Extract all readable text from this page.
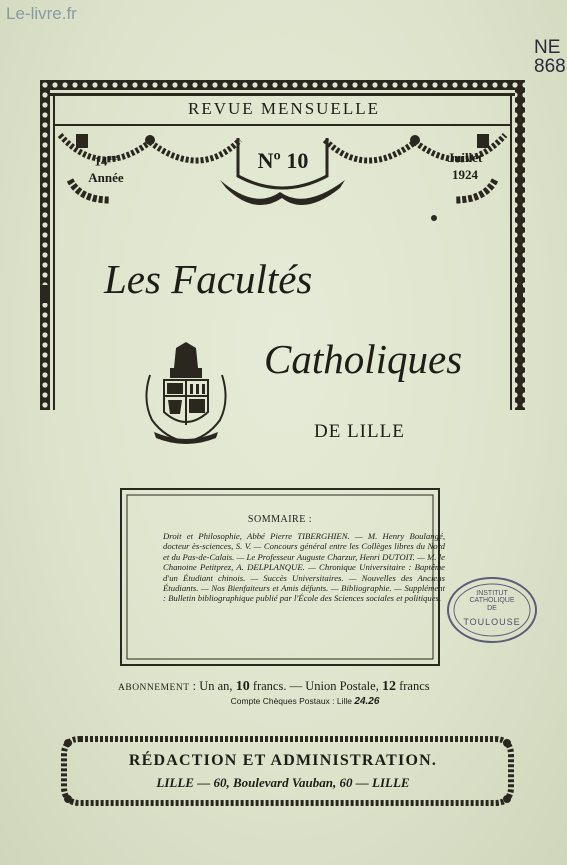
Le-livre.fr
NE 868
REVUE MENSUELLE
$14^{me}$
Année
Nº 10	Juillet
1924
Les Facultés
Catholiques
DE LILLE
SOMMAIRE :
Droit et Philosophie, Abbé Pierre TIBERGHIEN. — M. Henry Boulangé, docteur ès-sciences, S. V. — Concours général entre les Collèges libres du Nord et du Pas-de-Calais. — Le Professeur Auguste Charzur, Henri DUTOIT. — M. le Chanoine Petitprez, A. DELPLANQUE. — Chronique Universitaire : Baptême d'un Étudiant chinois. — Succès Universitaires. — Nouvelles des Anciens Étudiants. — Nos Bienfaiteurs et Amis défunts. — Bibliographie. — Supplément : Bulletin bibliographique publié par l'École des Sciences sociales et politiques.	INSTITUT CATHOLIQUE
DE
TOULOUSE
ABONNEMENT : Un an, 10 francs. — Union Postale, 12 francs
Compte Chèques Postaux : Lille 24.26
RÉDACTION ET ADMINISTRATION.
LILLE — 60, Boulevard Vauban, 60 — LILLE
